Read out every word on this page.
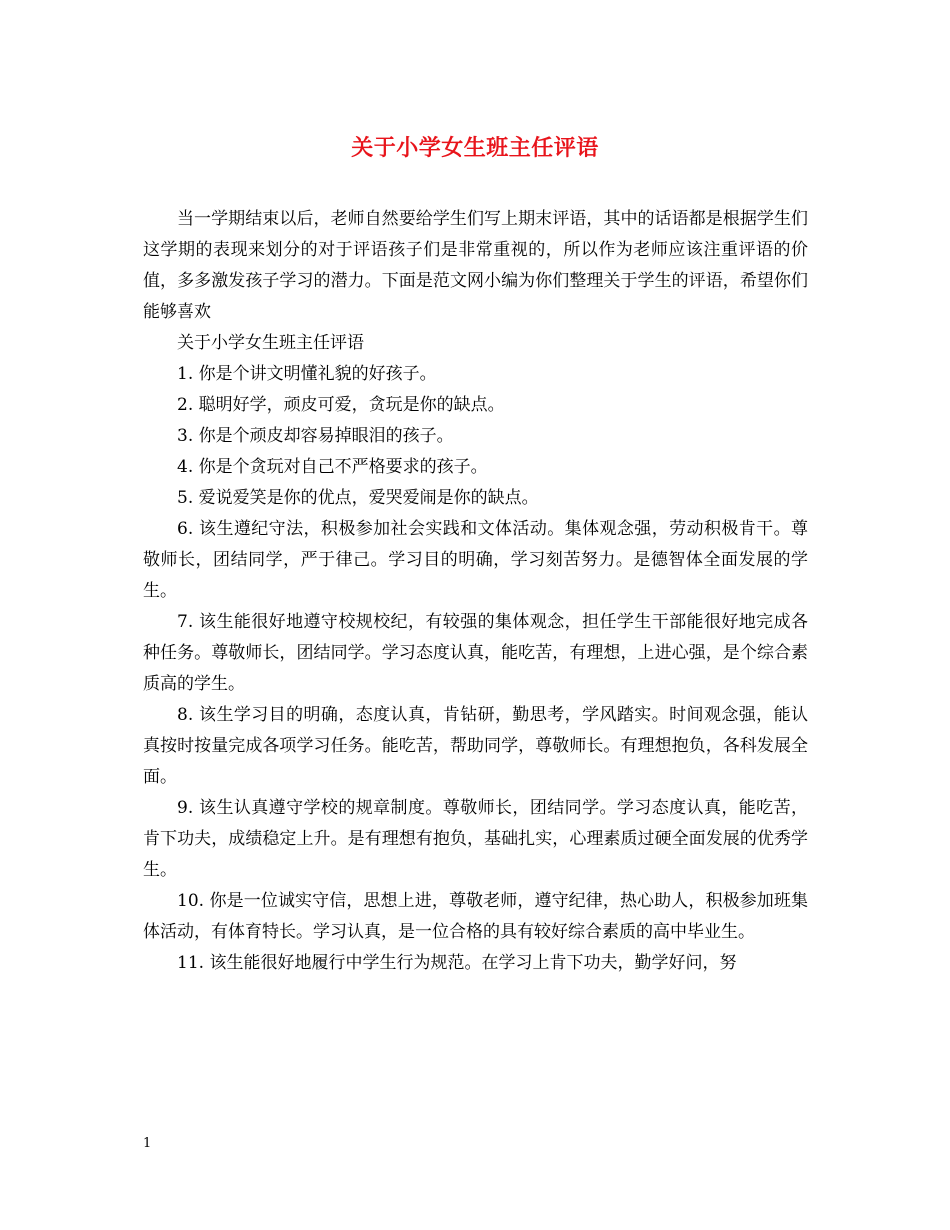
关于小学女生班主任评语

当一学期结束以后，老师自然要给学生们写上期末评语，其中的话语都是根据学生们这学期的表现来划分的对于评语孩子们是非常重视的，所以作为老师应该注重评语的价值，多多激发孩子学习的潜力。下面是范文网小编为你们整理关于学生的评语，希望你们能够喜欢

关于小学女生班主任评语

1. 你是个讲文明懂礼貌的好孩子。

2. 聪明好学，顽皮可爱，贪玩是你的缺点。

3. 你是个顽皮却容易掉眼泪的孩子。

4. 你是个贪玩对自己不严格要求的孩子。

5. 爱说爱笑是你的优点，爱哭爱闹是你的缺点。

6. 该生遵纪守法，积极参加社会实践和文体活动。集体观念强，劳动积极肯干。尊敬师长，团结同学，严于律己。学习目的明确，学习刻苦努力。是德智体全面发展的学生。

7. 该生能很好地遵守校规校纪，有较强的集体观念，担任学生干部能很好地完成各种任务。尊敬师长，团结同学。学习态度认真，能吃苦，有理想，上进心强，是个综合素质高的学生。

8. 该生学习目的明确，态度认真，肯钻研，勤思考，学风踏实。时间观念强，能认真按时按量完成各项学习任务。能吃苦，帮助同学，尊敬师长。有理想抱负，各科发展全面。

9. 该生认真遵守学校的规章制度。尊敬师长，团结同学。学习态度认真，能吃苦，肯下功夫，成绩稳定上升。是有理想有抱负，基础扎实，心理素质过硬全面发展的优秀学生。

10. 你是一位诚实守信，思想上进，尊敬老师，遵守纪律，热心助人，积极参加班集体活动，有体育特长。学习认真，是一位合格的具有较好综合素质的高中毕业生。

11. 该生能很好地履行中学生行为规范。在学习上肯下功夫，勤学好问，努

1
